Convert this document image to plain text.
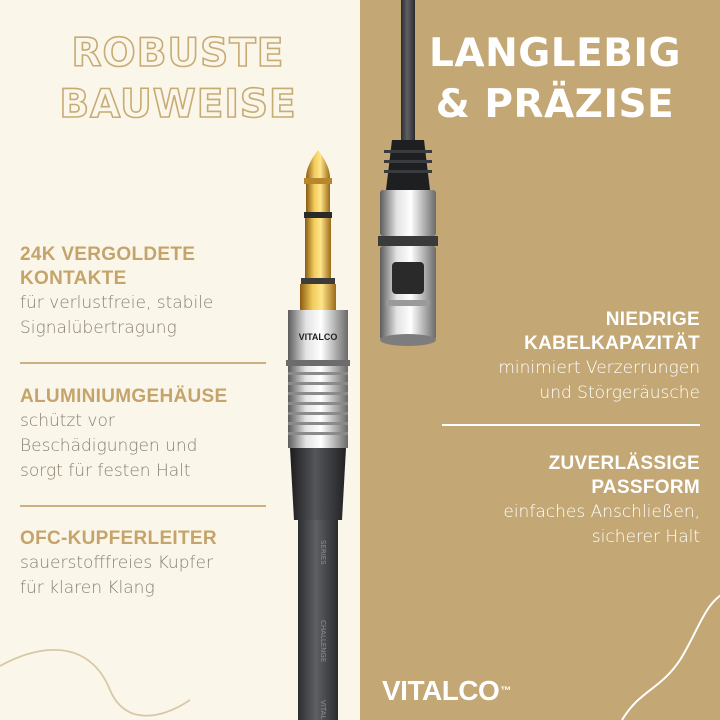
VITALCO
SERIES
CHALLENGE
VITAL
ROBUSTE
BAUWEISE
LANGLEBIG
& PRÄZISE

24K VERGOLDETE
KONTAKTE

für verlustfreie, stabile
Signalübertragung

ALUMINIUMGEHÄUSE

schützt vor
Beschädigungen und
sorgt für festen Halt

OFC-KUPFERLEITER

sauerstofffreies Kupfer
für klaren Klang

NIEDRIGE
KABELKAPAZITÄT

minimiert Verzerrungen
und Störgeräusche

ZUVERLÄSSIGE
PASSFORM

einfaches Anschließen,
sicherer Halt

VITALCO™
